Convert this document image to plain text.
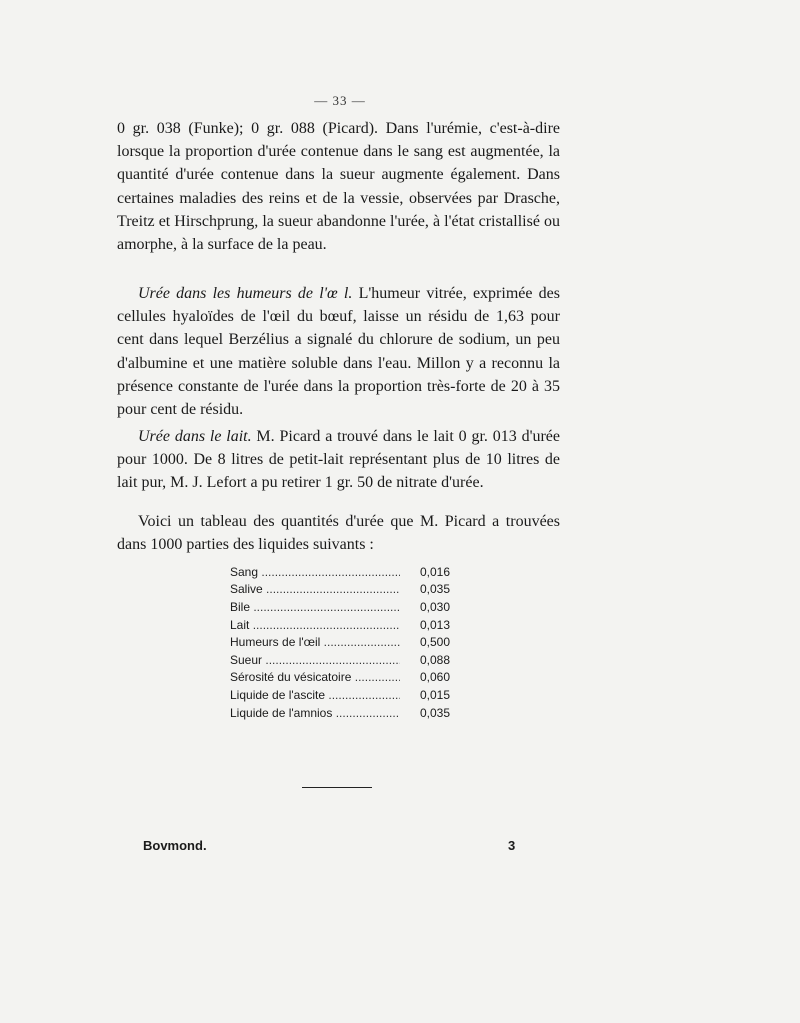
— 33 —

0 gr. 038 (Funke); 0 gr. 088 (Picard). Dans l'urémie, c'est-à-dire lorsque la proportion d'urée contenue dans le sang est augmentée, la quantité d'urée contenue dans la sueur augmente également. Dans certaines maladies des reins et de la vessie, observées par Drasche, Treitz et Hirschprung, la sueur abandonne l'urée, à l'état cristallisé ou amorphe, à la surface de la peau.

Urée dans les humeurs de l'œ l. L'humeur vitrée, exprimée des cellules hyaloïdes de l'œil du bœuf, laisse un résidu de 1,63 pour cent dans lequel Berzélius a signalé du chlorure de sodium, un peu d'albumine et une matière soluble dans l'eau. Millon y a reconnu la présence constante de l'urée dans la proportion très-forte de 20 à 35 pour cent de résidu.

Urée dans le lait. M. Picard a trouvé dans le lait 0 gr. 013 d'urée pour 1000. De 8 litres de petit-lait représentant plus de 10 litres de lait pur, M. J. Lefort a pu retirer 1 gr. 50 de nitrate d'urée.

Voici un tableau des quantités d'urée que M. Picard a trouvées dans 1000 parties des liquides suivants :

Sang .....	0,016
Salive .....	0,035
Bile .....	0,030
Lait .....	0,013
Humeurs de l'œil .....	0,500
Sueur .....	0,088
Sérosité du vésicatoire .....	0,060
Liquide de l'ascite .....	0,015
Liquide de l'amnios .....	0,035
Bovmond.	3
